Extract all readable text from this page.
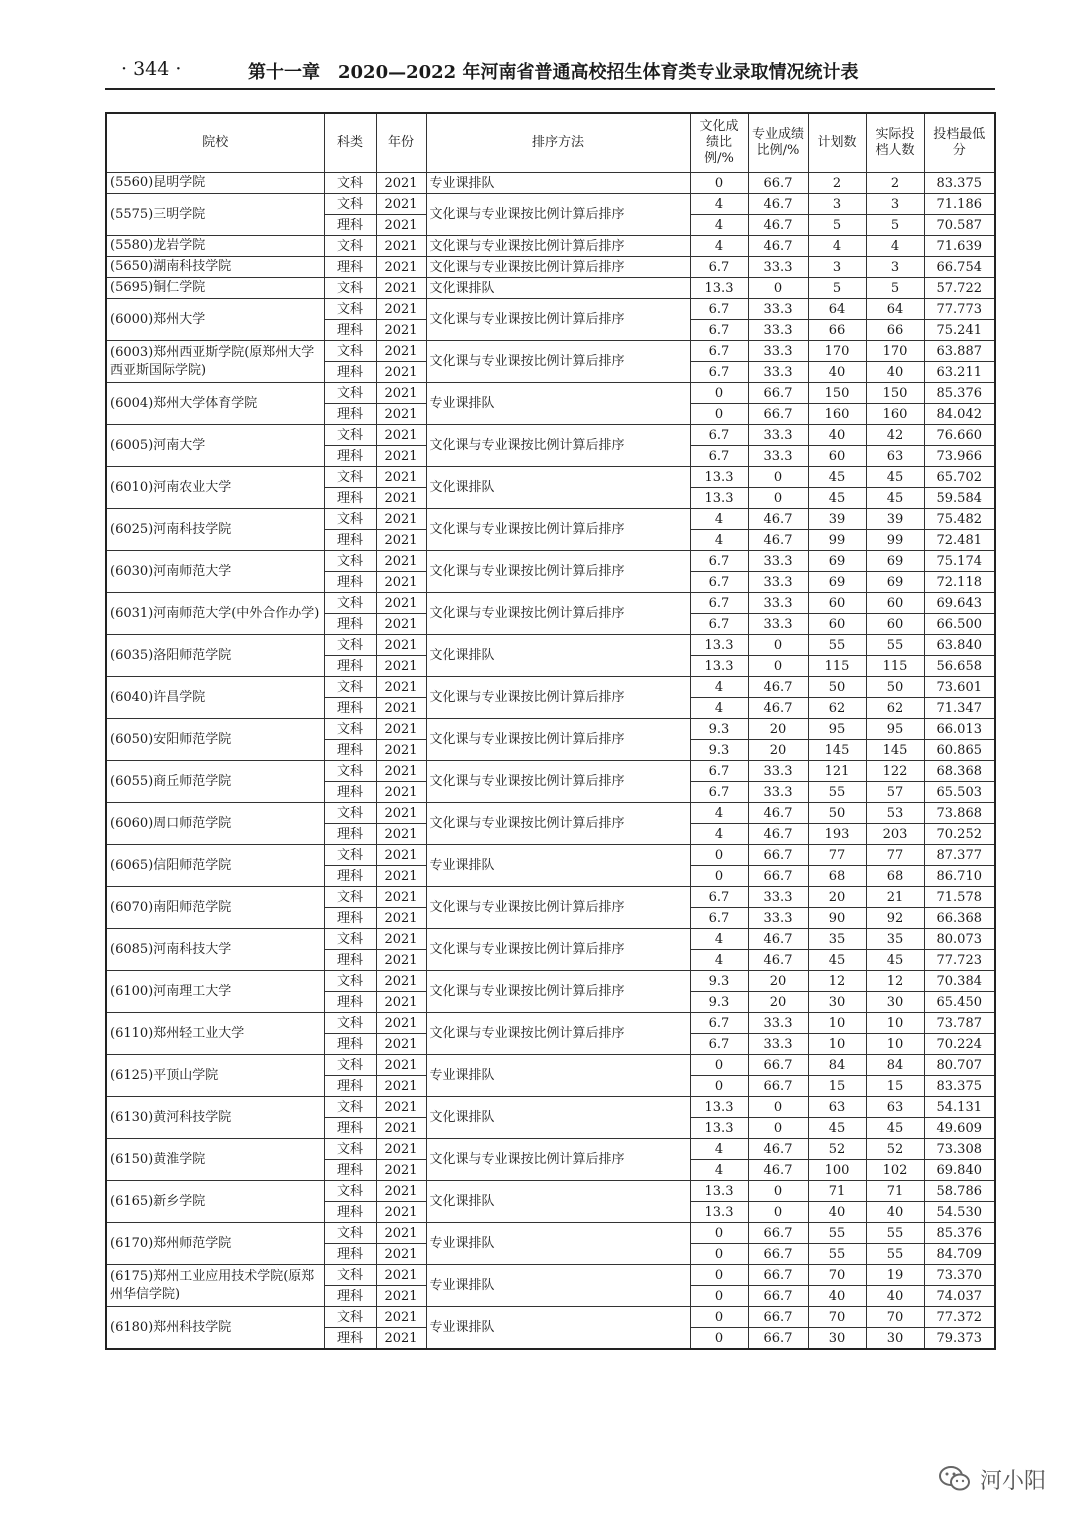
· 344 ·	第十一章 2020—2022 年河南省普通高校招生体育类专业录取情况统计表
院校	科类	年份	排序方法	文化成绩比例/%	专业成绩比例/%	计划数	实际投档人数	投档最低分
(5560)昆明学院	文科	2021	专业课排队	0	66.7	2	2	83.375
(5575)三明学院	文科	2021	文化课与专业课按比例计算后排序	4	46.7	3	3	71.186
	理科	2021		4	46.7	5	5	70.587
(5580)龙岩学院	文科	2021	文化课与专业课按比例计算后排序	4	46.7	4	4	71.639
(5650)湖南科技学院	理科	2021	文化课与专业课按比例计算后排序	6.7	33.3	3	3	66.754
(5695)铜仁学院	文科	2021	文化课排队	13.3	0	5	5	57.722
(6000)郑州大学	文科	2021	文化课与专业课按比例计算后排序	6.7	33.3	64	64	77.773
	理科	2021		6.7	33.3	66	66	75.241
(6003)郑州西亚斯学院(原郑州大学西亚斯国际学院)	文科	2021	文化课与专业课按比例计算后排序	6.7	33.3	170	170	63.887
	理科	2021		6.7	33.3	40	40	63.211
(6004)郑州大学体育学院	文科	2021	专业课排队	0	66.7	150	150	85.376
	理科	2021		0	66.7	160	160	84.042
(6005)河南大学	文科	2021	文化课与专业课按比例计算后排序	6.7	33.3	40	42	76.660
	理科	2021		6.7	33.3	60	63	73.966
(6010)河南农业大学	文科	2021	文化课排队	13.3	0	45	45	65.702
	理科	2021		13.3	0	45	45	59.584
(6025)河南科技学院	文科	2021	文化课与专业课按比例计算后排序	4	46.7	39	39	75.482
	理科	2021		4	46.7	99	99	72.481
(6030)河南师范大学	文科	2021	文化课与专业课按比例计算后排序	6.7	33.3	69	69	75.174
	理科	2021		6.7	33.3	69	69	72.118
(6031)河南师范大学(中外合作办学)	文科	2021	文化课与专业课按比例计算后排序	6.7	33.3	60	60	69.643
	理科	2021		6.7	33.3	60	60	66.500
(6035)洛阳师范学院	文科	2021	文化课排队	13.3	0	55	55	63.840
	理科	2021		13.3	0	115	115	56.658
(6040)许昌学院	文科	2021	文化课与专业课按比例计算后排序	4	46.7	50	50	73.601
	理科	2021		4	46.7	62	62	71.347
(6050)安阳师范学院	文科	2021	文化课与专业课按比例计算后排序	9.3	20	95	95	66.013
	理科	2021		9.3	20	145	145	60.865
(6055)商丘师范学院	文科	2021	文化课与专业课按比例计算后排序	6.7	33.3	121	122	68.368
	理科	2021		6.7	33.3	55	57	65.503
(6060)周口师范学院	文科	2021	文化课与专业课按比例计算后排序	4	46.7	50	53	73.868
	理科	2021		4	46.7	193	203	70.252
(6065)信阳师范学院	文科	2021	专业课排队	0	66.7	77	77	87.377
	理科	2021		0	66.7	68	68	86.710
(6070)南阳师范学院	文科	2021	文化课与专业课按比例计算后排序	6.7	33.3	20	21	71.578
	理科	2021		6.7	33.3	90	92	66.368
(6085)河南科技大学	文科	2021	文化课与专业课按比例计算后排序	4	46.7	35	35	80.073
	理科	2021		4	46.7	45	45	77.723
(6100)河南理工大学	文科	2021	文化课与专业课按比例计算后排序	9.3	20	12	12	70.384
	理科	2021		9.3	20	30	30	65.450
(6110)郑州轻工业大学	文科	2021	文化课与专业课按比例计算后排序	6.7	33.3	10	10	73.787
	理科	2021		6.7	33.3	10	10	70.224
(6125)平顶山学院	文科	2021	专业课排队	0	66.7	84	84	80.707
	理科	2021		0	66.7	15	15	83.375
(6130)黄河科技学院	文科	2021	文化课排队	13.3	0	63	63	54.131
	理科	2021		13.3	0	45	45	49.609
(6150)黄淮学院	文科	2021	文化课与专业课按比例计算后排序	4	46.7	52	52	73.308
	理科	2021		4	46.7	100	102	69.840
(6165)新乡学院	文科	2021	文化课排队	13.3	0	71	71	58.786
	理科	2021		13.3	0	40	40	54.530
(6170)郑州师范学院	文科	2021	专业课排队	0	66.7	55	55	85.376
	理科	2021		0	66.7	55	55	84.709
(6175)郑州工业应用技术学院(原郑州华信学院)	文科	2021	专业课排队	0	66.7	70	19	73.370
	理科	2021		0	66.7	40	40	74.037
(6180)郑州科技学院	文科	2021	专业课排队	0	66.7	70	70	77.372
	理科	2021		0	66.7	30	30	79.373
河小阳
